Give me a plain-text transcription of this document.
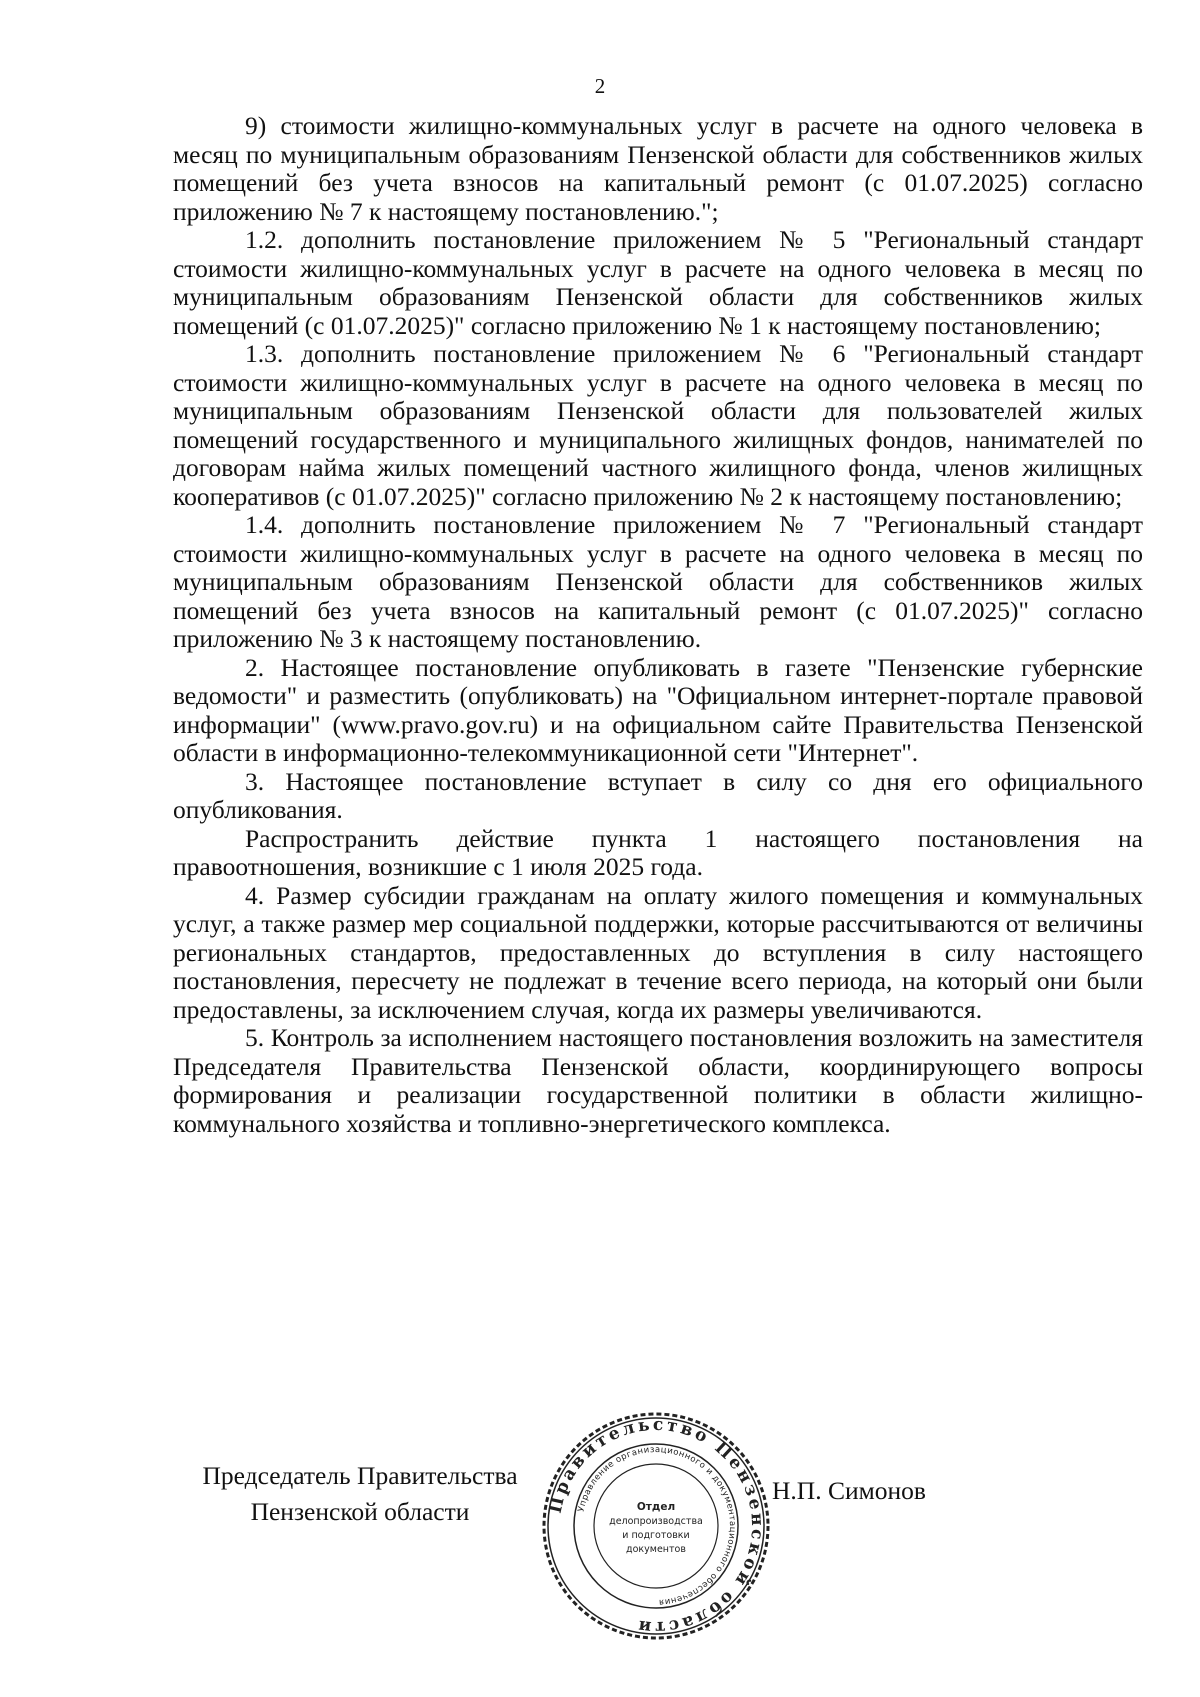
2

9) стоимости жилищно-коммунальных услуг в расчете на одного человека в месяц по муниципальным образованиям Пензенской области для собственников жилых помещений без учета взносов на капитальный ремонт (с 01.07.2025) согласно приложению № 7 к настоящему постановлению.";

1.2. дополнить постановление приложением № 5 "Региональный стандарт стоимости жилищно-коммунальных услуг в расчете на одного человека в месяц по муниципальным образованиям Пензенской области для собственников жилых помещений (с 01.07.2025)" согласно приложению № 1 к настоящему постановлению;

1.3. дополнить постановление приложением № 6 "Региональный стандарт стоимости жилищно-коммунальных услуг в расчете на одного человека в месяц по муниципальным образованиям Пензенской области для пользователей жилых помещений государственного и муниципального жилищных фондов, нанимателей по договорам найма жилых помещений частного жилищного фонда, членов жилищных кооперативов (с 01.07.2025)" согласно приложению № 2 к настоящему постановлению;

1.4. дополнить постановление приложением № 7 "Региональный стандарт стоимости жилищно-коммунальных услуг в расчете на одного человека в месяц по муниципальным образованиям Пензенской области для собственников жилых помещений без учета взносов на капитальный ремонт (с 01.07.2025)" согласно приложению № 3 к настоящему постановлению.

2. Настоящее постановление опубликовать в газете "Пензенские губернские ведомости" и разместить (опубликовать) на "Официальном интернет-портале правовой информации" (www.pravo.gov.ru) и на официальном сайте Правительства Пензенской области в информационно-телекоммуникационной сети "Интернет".

3. Настоящее постановление вступает в силу со дня его официального опубликования.

Распространить действие пункта 1 настоящего постановления на правоотношения, возникшие с 1 июля 2025 года.

4. Размер субсидии гражданам на оплату жилого помещения и коммунальных услуг, а также размер мер социальной поддержки, которые рассчитываются от величины региональных стандартов, предоставленных до вступления в силу настоящего постановления, пересчету не подлежат в течение всего периода, на который они были предоставлены, за исключением случая, когда их размеры увеличиваются.

5. Контроль за исполнением настоящего постановления возложить на заместителя Председателя Правительства Пензенской области, координирующего вопросы формирования и реализации государственной политики в области жилищно-коммунального хозяйства и топливно-энергетического комплекса.

Председатель Правительства
Пензенской области	Правительство Пензенской области
Управление организационного и документационного обеспечения
Отдел
делопроизводства
и подготовки
документов
Н.П. Симонов
